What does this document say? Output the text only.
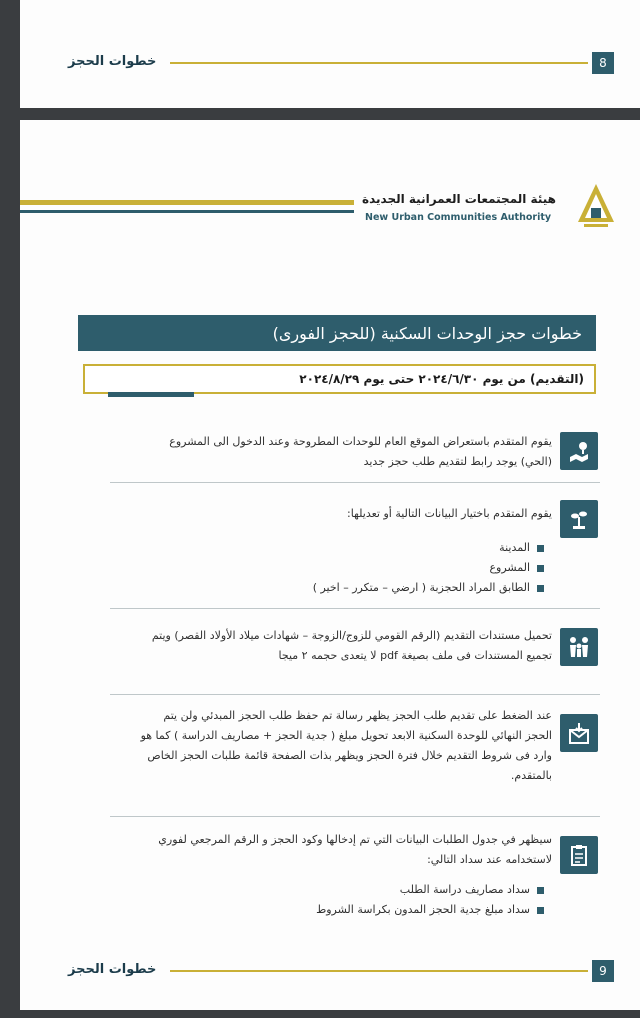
8
خطوات الحجز
هيئة المجتمعات العمرانية الجديدة
New Urban Communities Authority
خطوات حجز الوحدات السكنية (للحجز الفورى)
(التقديم) من يوم ٢٠٢٤/٦/٣٠ حتى يوم ٢٠٢٤/٨/٢٩
يقوم المتقدم باستعراض الموقع العام للوحدات المطروحة وعند الدخول الى المشروع (الحي) يوجد رابط لتقديم طلب حجز جديد
يقوم المتقدم باختيار البيانات التالية أو تعديلها:
المدينة
المشروع
الطابق المراد الحجزبة ( ارضي – متكرر – اخير )
تحميل مستندات التقديم (الرقم القومي للزوج/الزوجة – شهادات ميلاد الأولاد القصر) ويتم تجميع المستندات فى ملف بصيغة pdf لا يتعدى حجمه ٢ ميجا
عند الضغط على تقديم طلب الحجز يظهر رسالة تم حفظ طلب الحجز المبدئي ولن يتم الحجز النهائي للوحدة السكنية الابعد تحويل مبلغ ( جدية الحجز + مصاريف الدراسة ) كما هو وارد فى شروط التقديم خلال فترة الحجز ويظهر بذات الصفحة قائمة طلبات الحجز الخاص بالمتقدم.
سيظهر في جدول الطلبات البيانات التي تم إدخالها وكود الحجز و الرقم المرجعي لفوري لاستخدامه عند سداد التالي:
سداد مصاريف دراسة الطلب
سداد مبلغ جدية الحجز المدون بكراسة الشروط
9
خطوات الحجز
